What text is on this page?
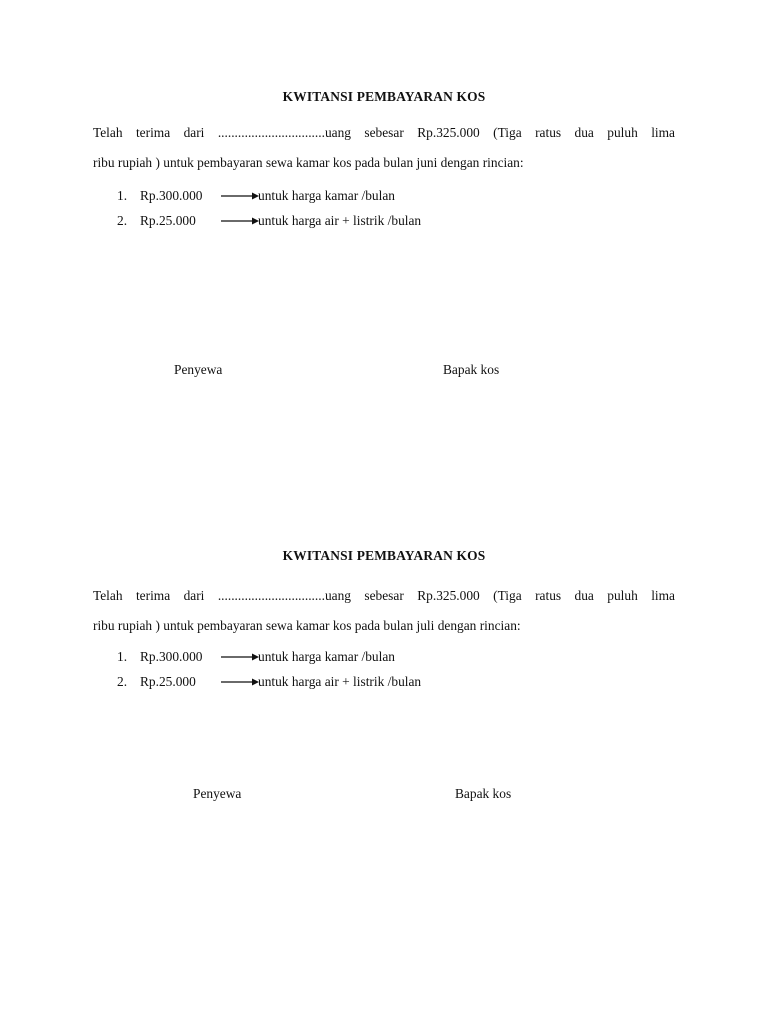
KWITANSI PEMBAYARAN KOS
Telah terima dari ................................uang sebesar Rp.325.000 (Tiga ratus dua puluh lima
ribu rupiah ) untuk pembayaran sewa kamar kos pada bulan juni dengan rincian:
1. Rp.300.000	untuk harga kamar /bulan
2. Rp.25.000	untuk harga air + listrik /bulan
Penyewa	Bapak kos
KWITANSI PEMBAYARAN KOS
Telah terima dari ................................uang sebesar Rp.325.000 (Tiga ratus dua puluh lima
ribu rupiah ) untuk pembayaran sewa kamar kos pada bulan juli dengan rincian:
1. Rp.300.000	untuk harga kamar /bulan
2. Rp.25.000	untuk harga air + listrik /bulan
Penyewa	Bapak kos
